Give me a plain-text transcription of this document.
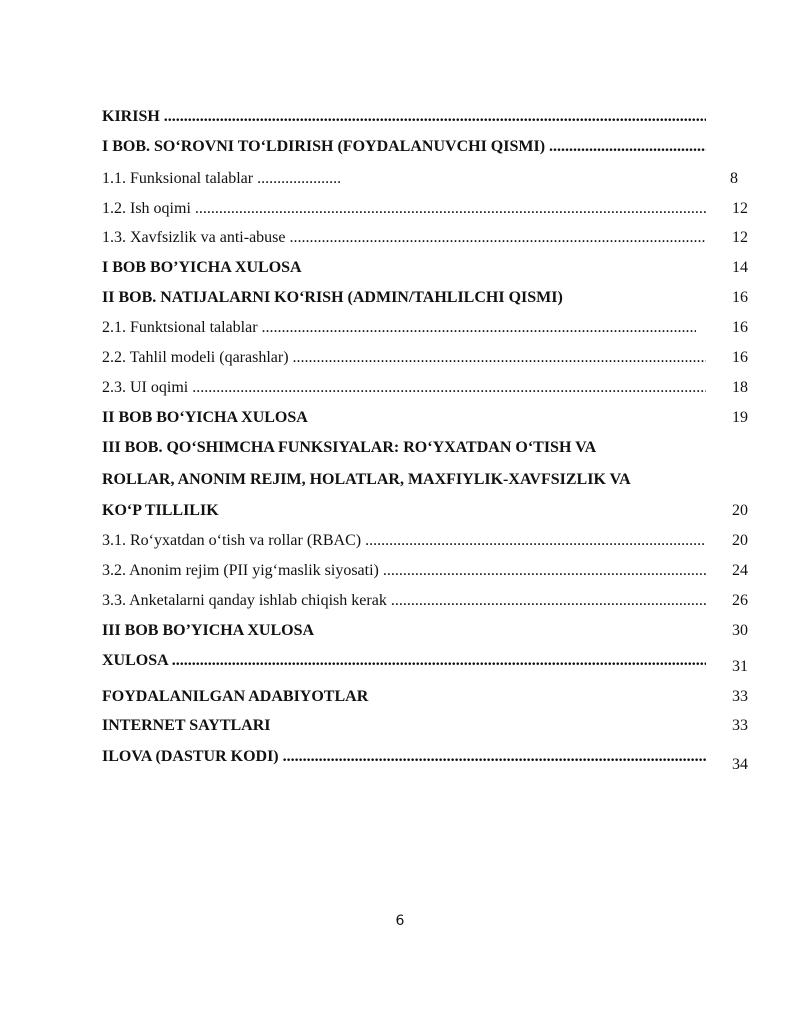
KIRISH .....
I BOB. SO‘ROVNI TO‘LDIRISH (FOYDALANUVCHI QISMI) .....
1.1. Funksional talablar .....	8
1.2. Ish oqimi .....	12
1.3. Xavfsizlik va anti-abuse .....	12
I BOB BO’YICHA XULOSA	14
II BOB. NATIJALARNI KO‘RISH (ADMIN/TAHLILCHI QISMI)	16
2.1. Funktsional talablar .....	16
2.2. Tahlil modeli (qarashlar) .....	16
2.3. UI oqimi .....	18
II BOB BO‘YICHA XULOSA	19
III BOB. QO‘SHIMCHA FUNKSIYALAR: RO‘YXATDAN O‘TISH VA
ROLLAR, ANONIM REJIM, HOLATLAR, MAXFIYLIK-XAVFSIZLIK VA
KO‘P TILLILIK	20
3.1. Ro‘yxatdan o‘tish va rollar (RBAC) .....	20
3.2. Anonim rejim (PII yig‘maslik siyosati) .....	24
3.3. Anketalarni qanday ishlab chiqish kerak .....	26
III BOB BO’YICHA XULOSA	30
XULOSA .....	31
FOYDALANILGAN ADABIYOTLAR	33
INTERNET SAYTLARI	33
ILOVA (DASTUR KODI) .....	34
6
